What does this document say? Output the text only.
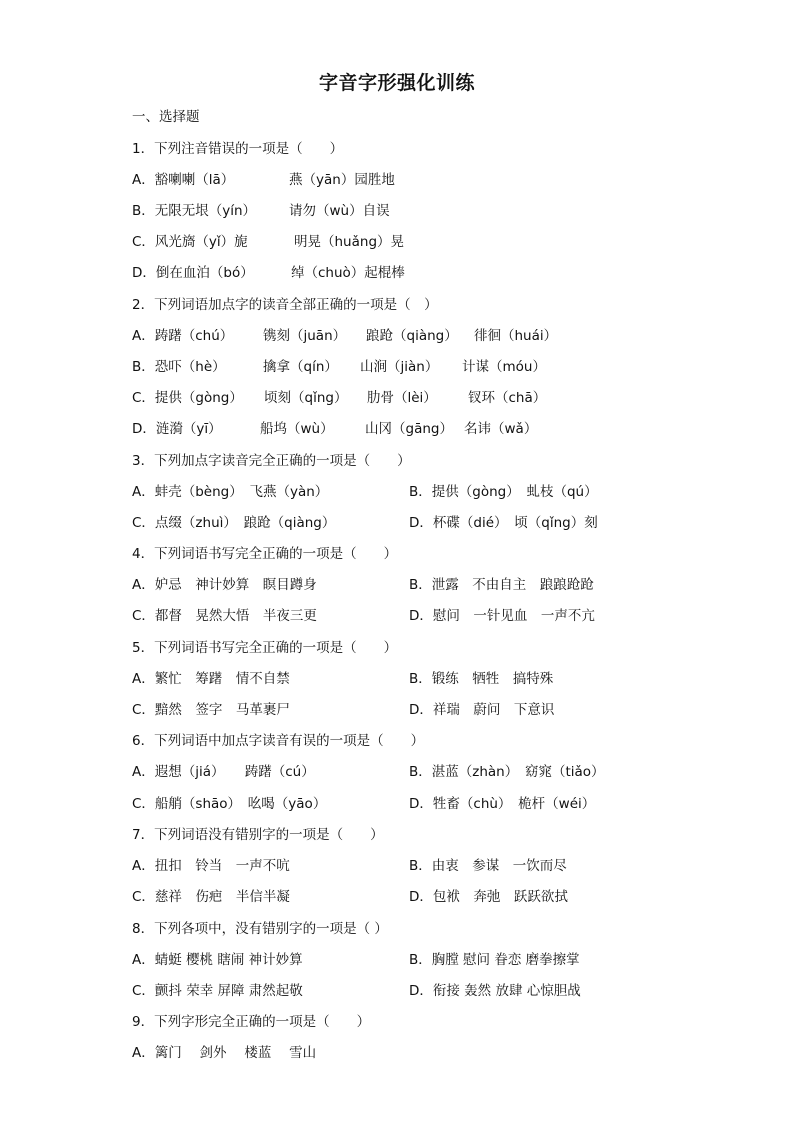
字音字形强化训练
一、选择题
1．下列注音错误的一项是（　　）
A．豁喇喇（lā）	燕（yān）园胜地
B．无限无垠（yín） 请勿（wù）自误
C．风光旖（yǐ）旎	明晃（huǎng）晃
D．倒在血泊（bó）	绰（chuò）起棍棒
2．下列词语加点字的读音全部正确的一项是（　）
A．踌躇（chú） 镌刻（juān） 踉跄（qiàng） 徘徊（huái）
B．恐吓（hè）	擒拿（qín） 山涧（jiàn） 计谋（móu）
C．提供（gòng） 顷刻（qǐng） 肋骨（lèi） 钗环（chā）
D．涟漪（yī）	船坞（wù） 山冈（gāng） 名讳（wǎ）
3．下列加点字读音完全正确的一项是（　　）
A．蚌壳（bèng）　飞燕（yàn）	B．提供（gòng）　虬枝（qú）
C．点缀（zhuì）　踉跄（qiàng）	D．杯碟（dié）　顷（qǐng）刻
4．下列词语书写完全正确的一项是（　　）
A．妒忌　神计妙算　瞑目蹲身	B．泄露　不由自主　踉踉跄跄
C．都督　晃然大悟　半夜三更	D．慰问　一针见血　一声不亢
5．下列词语书写完全正确的一项是（　　）
A．繁忙　筹躇　情不自禁	B．锻练　牺牲　搞特殊
C．黯然　签字　马革裹尸	D．祥瑞　蔚问　下意识
6．下列词语中加点字读音有误的一项是（　　）
A．遐想（jiá）　　踌躇（cú）	B．湛蓝（zhàn）　窈窕（tiǎo）
C．船艄（shāo）　吆喝（yāo）	D．牲畜（chù）　桅杆（wéi）
7．下列词语没有错别字的一项是（　　）
A．扭扣　铃当　一声不吭	B．由衷　参谋　一饮而尽
C．慈祥　伤疤　半信半凝	D．包袱　奔弛　跃跃欲拭
8．下列各项中，没有错别字的一项是（ ）
A．蜻蜓 樱桃 瞎闹 神计妙算	B．胸膛 慰问 眷恋 磨拳擦掌
C．颤抖 荣幸 屏障 肃然起敬	D．衔接 轰然 放肆 心惊胆战
9．下列字形完全正确的一项是（　　）
A．篱门　 剑外　 楼蓝　 雪山
